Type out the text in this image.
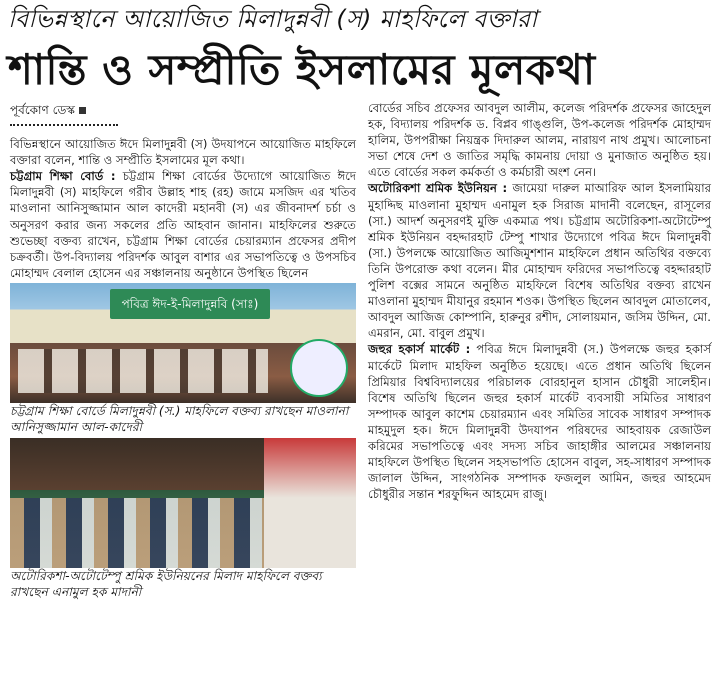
বিভিন্নস্থানে আয়োজিত মিলাদুন্নবী (স) মাহফিলে বক্তারা
শান্তি ও সম্প্রীতি ইসলামের মূলকথা
পূর্বকোণ ডেস্ক

বিভিন্নস্থানে আয়োজিত ঈদে মিলাদুন্নবী (স) উদযাপনে আয়োজিত মাহফিলে বক্তারা বলেন, শান্তি ও সম্প্রীতি ইসলামের মূল কথা।

চট্টগ্রাম শিক্ষা বোর্ড : চট্টগ্রাম শিক্ষা বোর্ডের উদ্যোগে আয়োজিত ঈদে মিলাদুন্নবী (স) মাহফিলে গরীব উল্লাহ শাহ (রহ) জামে মসজিদ এর খতিব মাওলানা আনিসুজ্জামান আল কাদেরী মহানবী (স) এর জীবনাদর্শ চর্চা ও অনুসরণ করার জন্য সকলের প্রতি আহবান জানান। মাহফিলের শুরুতে শুভেচ্ছা বক্তব্য রাখেন, চট্টগ্রাম শিক্ষা বোর্ডের চেয়ারম্যান প্রফেসর প্রদীপ চক্রবর্তী। উপ-বিদ্যালয় পরিদর্শক আবুল বাশার এর সভাপতিত্বে ও উপসচিব মোহাম্মদ বেলাল হোসেন এর সঞ্চালনায় অনুষ্ঠানে উপস্থিত ছিলেন

পবিত্র ঈদ-ই-মিলাদুন্নবি (সাঃ)

চট্টগ্রাম শিক্ষা বোর্ডে মিলাদুন্নবী (স.) মাহফিলে বক্তব্য রাখছেন মাওলানা আনিসুজ্জামান আল-কাদেরী

অটোরিকশা-অটোটেম্পু শ্রমিক ইউনিয়নের মিলাদ মাহফিলে বক্তব্য রাখছেন এনামুল হক মাদানী

বোর্ডের সচিব প্রফেসর আবদুল আলীম, কলেজ পরিদর্শক প্রফেসর জাহেদুল হক, বিদ্যালয় পরিদর্শক ড. বিপ্লব গাঙ্গুলি, উপ-কলেজ পরিদর্শক মোহাম্মদ হালিম, উপপরীক্ষা নিয়ন্ত্রক দিদারুল আলম, নারায়ণ নাথ প্রমুখ। আলোচনা সভা শেষে দেশ ও জাতির সমৃদ্ধি কামনায় দোয়া ও মুনাজাত অনুষ্ঠিত হয়। এতে বোর্ডের সকল কর্মকর্তা ও কর্মচারী অংশ নেন।

অটোরিকশা শ্রমিক ইউনিয়ন : জামেয়া দারুল মাআরিফ আল ইসলামিয়ার মুহাদ্দিছ মাওলানা মুহাম্মদ এনামুল হক সিরাজ মাদানী বলেছেন, রাসূলের (সা.) আদর্শ অনুসরণই মুক্তি একমাত্র পথ। চট্টগ্রাম অটোরিকশা-অটোটেম্পু শ্রমিক ইউনিয়ন বহদ্দারহাট টেম্পু শাখার উদ্যোগে পবিত্র ঈদে মিলাদুন্নবী (সা.) উপলক্ষে আয়োজিত আজিমুশশান মাহফিলে প্রধান অতিথির বক্তব্যে তিনি উপরোক্ত কথা বলেন। মীর মোহাম্মদ ফরিদের সভাপতিত্বে বহদ্দারহাট পুলিশ বক্সের সামনে অনুষ্ঠিত মাহফিলে বিশেষ অতিথির বক্তব্য রাখেন মাওলানা মুহাম্মদ মীযানুর রহমান শওক। উপস্থিত ছিলেন আবদুল মোতালেব, আবদুল আজিজ কোম্পানি, হারুনুর রশীদ, সোলায়মান, জসিম উদ্দিন, মো. এমরান, মো. বাবুল প্রমুখ।

জহুর হকার্স মার্কেট : পবিত্র ঈদে মিলাদুন্নবী (স.) উপলক্ষে জহুর হকার্স মার্কেটে মিলাদ মাহফিল অনুষ্ঠিত হয়েছে। এতে প্রধান অতিথি ছিলেন প্রিমিয়ার বিশ্ববিদ্যালয়ের পরিচালক বোরহানুল হাসান চৌধুরী সালেহীন। বিশেষ অতিথি ছিলেন জহুর হকার্স মার্কেট ব্যবসায়ী সমিতির সাধারণ সম্পাদক আবুল কাশেম চেয়ারম্যান এবং সমিতির সাবেক সাধারণ সম্পাদক মাহমুদুল হক। ঈদে মিলাদুন্নবী উদযাপন পরিষদের আহবায়ক রেজাউল করিমের সভাপতিত্বে এবং সদস্য সচিব জাহাঙ্গীর আলমের সঞ্চালনায় মাহফিলে উপস্থিত ছিলেন সহসভাপতি হোসেন বাবুল, সহ-সাধারণ সম্পাদক জালাল উদ্দিন, সাংগঠনিক সম্পাদক ফজলুল আমিন, জহুর আহমেদ চৌধুরীর সন্তান শরফুদ্দিন আহমেদ রাজু।
